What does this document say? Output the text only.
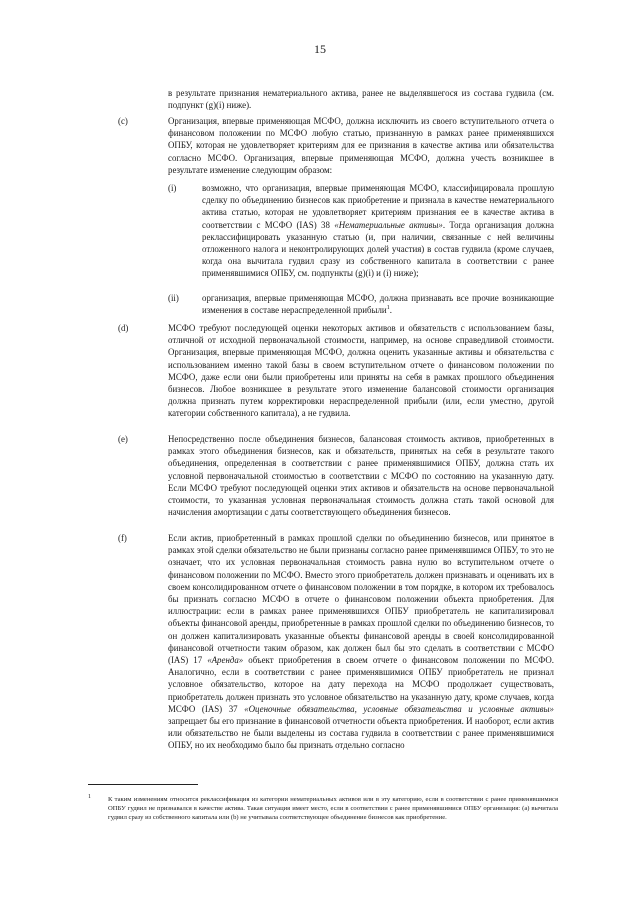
15

в результате признания нематериального актива, ранее не выделявшегося из состава гудвила (см. подпункт (g)(i) ниже).

(c)	Организация, впервые применяющая МСФО, должна исключить из своего вступительного отчета о финансовом положении по МСФО любую статью, признанную в рамках ранее применявшихся ОПБУ, которая не удовлетворяет критериям для ее признания в качестве актива или обязательства согласно МСФО. Организация, впервые применяющая МСФО, должна учесть возникшее в результате изменение следующим образом:

(i)	возможно, что организация, впервые применяющая МСФО, классифицировала прошлую сделку по объединению бизнесов как приобретение и признала в качестве нематериального актива статью, которая не удовлетворяет критериям признания ее в качестве актива в соответствии с МСФО (IAS) 38 «Нематериальные активы». Тогда организация должна реклассифицировать указанную статью (и, при наличии, связанные с ней величины отложенного налога и неконтролирующих долей участия) в состав гудвила (кроме случаев, когда она вычитала гудвил сразу из собственного капитала в соответствии с ранее применявшимися ОПБУ, см. подпункты (g)(i) и (i) ниже);

(ii)	организация, впервые применяющая МСФО, должна признавать все прочие возникающие изменения в составе нераспределенной прибыли$^1$.

(d)	МСФО требуют последующей оценки некоторых активов и обязательств с использованием базы, отличной от исходной первоначальной стоимости, например, на основе справедливой стоимости. Организация, впервые применяющая МСФО, должна оценить указанные активы и обязательства с использованием именно такой базы в своем вступительном отчете о финансовом положении по МСФО, даже если они были приобретены или приняты на себя в рамках прошлого объединения бизнесов. Любое возникшее в результате этого изменение балансовой стоимости организация должна признать путем корректировки нераспределенной прибыли (или, если уместно, другой категории собственного капитала), а не гудвила.

(e)	Непосредственно после объединения бизнесов, балансовая стоимость активов, приобретенных в рамках этого объединения бизнесов, как и обязательств, принятых на себя в результате такого объединения, определенная в соответствии с ранее применявшимися ОПБУ, должна стать их условной первоначальной стоимостью в соответствии с МСФО по состоянию на указанную дату. Если МСФО требуют последующей оценки этих активов и обязательств на основе первоначальной стоимости, то указанная условная первоначальная стоимость должна стать такой основой для начисления амортизации с даты соответствующего объединения бизнесов.

(f)	Если актив, приобретенный в рамках прошлой сделки по объединению бизнесов, или принятое в рамках этой сделки обязательство не были признаны согласно ранее применявшимся ОПБУ, то это не означает, что их условная первоначальная стоимость равна нулю во вступительном отчете о финансовом положении по МСФО. Вместо этого приобретатель должен признавать и оценивать их в своем консолидированном отчете о финансовом положении в том порядке, в котором их требовалось бы признать согласно МСФО в отчете о финансовом положении объекта приобретения. Для иллюстрации: если в рамках ранее применявшихся ОПБУ приобретатель не капитализировал объекты финансовой аренды, приобретенные в рамках прошлой сделки по объединению бизнесов, то он должен капитализировать указанные объекты финансовой аренды в своей консолидированной финансовой отчетности таким образом, как должен был бы это сделать в соответствии с МСФО (IAS) 17 «Аренда» объект приобретения в своем отчете о финансовом положении по МСФО. Аналогично, если в соответствии с ранее применявшимися ОПБУ приобретатель не признал условное обязательство, которое на дату перехода на МСФО продолжает существовать, приобретатель должен признать это условное обязательство на указанную дату, кроме случаев, когда МСФО (IAS) 37 «Оценочные обязательства, условные обязательства и условные активы» запрещает бы его признание в финансовой отчетности объекта приобретения. И наоборот, если актив или обязательство не были выделены из состава гудвила в соответствии с ранее применявшимися ОПБУ, но их необходимо было бы признать отдельно согласно

1	К таким изменениям относится реклассификация из категории нематериальных активов или в эту категорию, если в соответствии с ранее применявшимися ОПБУ гудвил не признавался в качестве актива. Такая ситуация имеет место, если в соответствии с ранее применявшимися ОПБУ организация: (a) вычитала гудвил сразу из собственного капитала или (b) не учитывала соответствующее объединение бизнесов как приобретение.
